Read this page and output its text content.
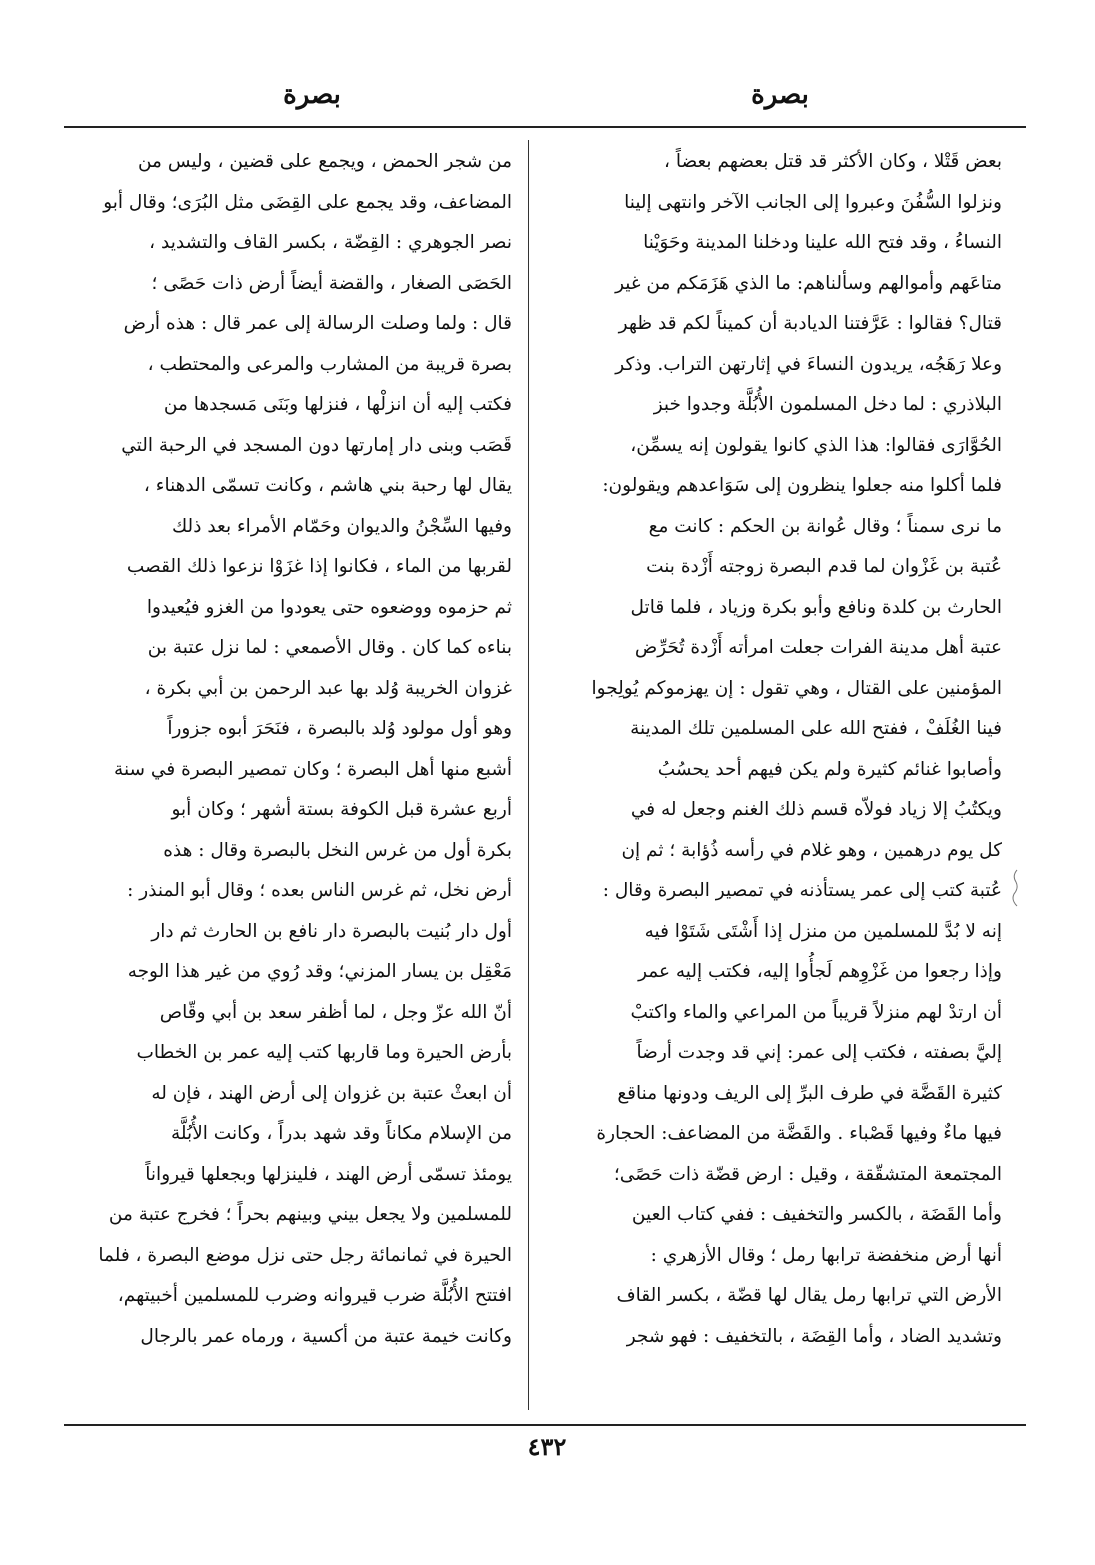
بصرة
بصرة
بعض قَتْلا ، وكان الأكثر قد قتل بعضهم بعضاً ،
ونزلوا السُّفُنَ وعبروا إلى الجانب الآخر وانتهى إلينا
النساءُ ، وقد فتح الله علينا ودخلنا المدينة وحَوَيْنا
متاعَهم وأموالهم وسألناهم: ما الذي هَزَمَكم من غير
قتال؟ فقالوا : عَرَّفتنا الديادبة أن كميناً لكم قد ظهر
وعلا رَهَجُه، يريدون النساءَ في إثارتهن التراب. وذكر
البلاذري : لما دخل المسلمون الأُبُلَّة وجدوا خبز
الحُوَّارَى فقالوا: هذا الذي كانوا يقولون إنه يسمِّن،
فلما أكلوا منه جعلوا ينظرون إلى سَوَاعدهم ويقولون:
ما نرى سمناً ؛ وقال عُوانة بن الحكم : كانت مع
عُتبة بن غَزْوان لما قدم البصرة زوجته أَزْدة بنت
الحارث بن كلدة ونافع وأبو بكرة وزياد ، فلما قاتل
عتبة أهل مدينة الفرات جعلت امرأته أَزْدة تُحَرِّض
المؤمنين على القتال ، وهي تقول : إن يهزموكم يُولِجوا
فينا الغُلَفْ ، ففتح الله على المسلمين تلك المدينة
وأصابوا غنائم كثيرة ولم يكن فيهم أحد يحسُبُ
ويكتُبُ إلا زياد فولاّه قسم ذلك الغنم وجعل له في
كل يوم درهمين ، وهو غلام في رأسه ذُؤابة ؛ ثم إن
عُتبة كتب إلى عمر يستأذنه في تمصير البصرة وقال :
إنه لا بُدَّ للمسلمين من منزل إذا أَشْتَى شَتَوْا فيه
وإذا رجعوا من غَزْوِهم لَجأُوا إليه، فكتب إليه عمر
أن ارتدْ لهم منزلاً قريباً من المراعي والماء واكتبْ
إليَّ بصفته ، فكتب إلى عمر: إني قد وجدت أرضاً
كثيرة القَضَّة في طرف البرِّ إلى الريف ودونها مناقع
فيها ماءٌ وفيها قَصْباء . والقَضَّة من المضاعف: الحجارة
المجتمعة المتشقّقة ، وقيل : ارض قضّة ذات حَصًى؛
وأما القَضَة ، بالكسر والتخفيف : ففي كتاب العين
أنها أرض منخفضة ترابها رمل ؛ وقال الأزهري :
الأرض التي ترابها رمل يقال لها قضّة ، بكسر القاف
وتشديد الضاد ، وأما القِضَة ، بالتخفيف : فهو شجر
من شجر الحمض ، ويجمع على قضين ، وليس من
المضاعف، وقد يجمع على القِضَى مثل البُرَى؛ وقال أبو
نصر الجوهري : القِضّة ، بكسر القاف والتشديد ،
الحَصَى الصغار ، والقضة أيضاً أرض ذات حَصًى ؛
قال : ولما وصلت الرسالة إلى عمر قال : هذه أرض
بصرة قريبة من المشارب والمرعى والمحتطب ،
فكتب إليه أن انزلْها ، فنزلها وبَنَى مَسجدها من
قَصَب وبنى دار إمارتها دون المسجد في الرحبة التي
يقال لها رحبة بني هاشم ، وكانت تسمّى الدهناء ،
وفيها السِّجْنُ والديوان وحَمّام الأمراء بعد ذلك
لقربها من الماء ، فكانوا إذا غزَوْا نزعوا ذلك القصب
ثم حزموه ووضعوه حتى يعودوا من الغزو فيُعيدوا
بناءه كما كان . وقال الأصمعي : لما نزل عتبة بن
غزوان الخريبة وُلد بها عبد الرحمن بن أبي بكرة ،
وهو أول مولود وُلد بالبصرة ، فنَحَرَ أبوه جزوراً
أشبع منها أهل البصرة ؛ وكان تمصير البصرة في سنة
أربع عشرة قبل الكوفة بستة أشهر ؛ وكان أبو
بكرة أول من غرس النخل بالبصرة وقال : هذه
أرض نخل، ثم غرس الناس بعده ؛ وقال أبو المنذر :
أول دار بُنيت بالبصرة دار نافع بن الحارث ثم دار
مَعْقِل بن يسار المزني؛ وقد رُوي من غير هذا الوجه
أنّ الله عزّ وجل ، لما أظفر سعد بن أبي وقّاص
بأرض الحيرة وما قاربها كتب إليه عمر بن الخطاب
أن ابعثْ عتبة بن غزوان إلى أرض الهند ، فإن له
من الإسلام مكاناً وقد شهد بدراً ، وكانت الأُبُلَّة
يومئذ تسمّى أرض الهند ، فلينزلها وبجعلها قيرواناً
للمسلمين ولا يجعل بيني وبينهم بحراً ؛ فخرج عتبة من
الحيرة في ثمانمائة رجل حتى نزل موضع البصرة ، فلما
افتتح الأُبُلَّة ضرب قيروانه وضرب للمسلمين أخبيتهم،
وكانت خيمة عتبة من أكسية ، ورماه عمر بالرجال
٤٣٢
